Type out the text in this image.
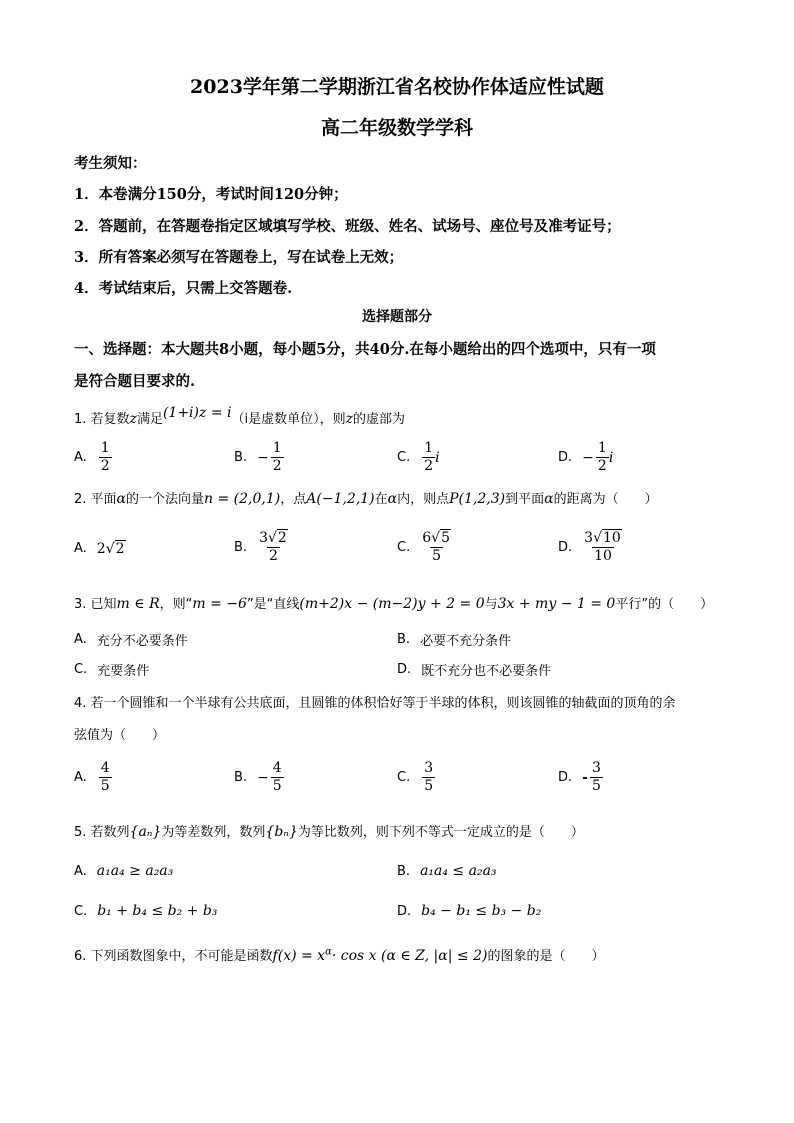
2023学年第二学期浙江省名校协作体适应性试题
高二年级数学学科
考生须知：
1．本卷满分150分，考试时间120分钟；
2．答题前，在答题卷指定区域填写学校、班级、姓名、试场号、座位号及准考证号；
3．所有答案必须写在答题卷上，写在试卷上无效；
4．考试结束后，只需上交答题卷.
选择题部分
一、选择题：本大题共8小题，每小题5分，共40分.在每小题给出的四个选项中，只有一项
是符合题目要求的.
1. 若复数z满足(1+i)z = i（i是虚数单位），则z的虚部为
A. $\frac{1}{2}$	B. − $\frac{1}{2}$	C. $\frac{1}{2}$ i	D. − $\frac{1}{2}$ i
2. 平面α的一个法向量n = (2,0,1)，点A(−1,2,1)在α内，则点P(1,2,3)到平面α的距离为（　　）
A. 2 √ 2	B. $\frac{3√2}{2}$	C. $\frac{6√5}{5}$	D. $\frac{3√10}{10}$
3. 已知m ∈ R，则“m = −6”是“直线(m+2)x − (m−2)y + 2 = 0与3x + my − 1 = 0平行”的（　　）
A. 充分不必要条件	B. 必要不充分条件
C. 充要条件	D. 既不充分也不必要条件
4. 若一个圆锥和一个半球有公共底面，且圆锥的体积恰好等于半球的体积，则该圆锥的轴截面的顶角的余
弦值为（　　）
A. $\frac{4}{5}$	B. − $\frac{4}{5}$	C. $\frac{3}{5}$	D. - $\frac{3}{5}$
5. 若数列{aₙ}为等差数列，数列{bₙ}为等比数列，则下列不等式一定成立的是（　　）
A. a₁a₄ ≥ a₂a₃	B. a₁a₄ ≤ a₂a₃
C. b₁ + b₄ ≤ b₂ + b₃	D. b₄ − b₁ ≤ b₃ − b₂
6. 下列函数图象中，不可能是函数$f(x) = x^\alpha\cdot \cos x$ (α ∈ Z, |α| ≤ 2)的图象的是（　　）
